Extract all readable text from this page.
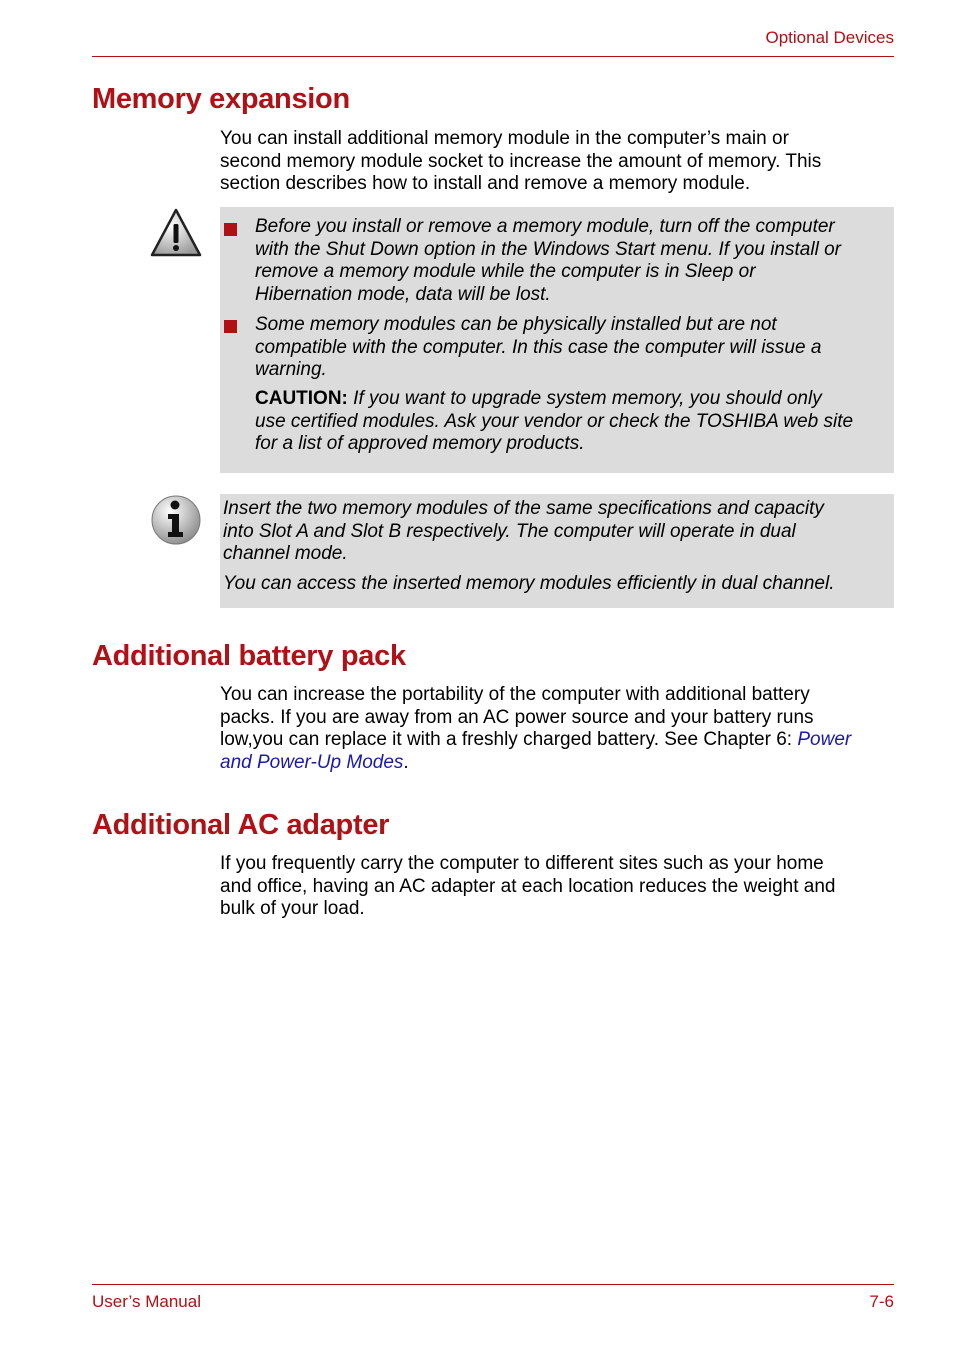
Optional Devices
Memory expansion

You can install additional memory module in the computer’s main or
second memory module socket to increase the amount of memory. This
section describes how to install and remove a memory module.

Before you install or remove a memory module, turn off the computer
with the Shut Down option in the Windows Start menu. If you install or
remove a memory module while the computer is in Sleep or
Hibernation mode, data will be lost.

Some memory modules can be physically installed but are not
compatible with the computer. In this case the computer will issue a
warning.

CAUTION: If you want to upgrade system memory, you should only
use certified modules. Ask your vendor or check the TOSHIBA web site
for a list of approved memory products.

Insert the two memory modules of the same specifications and capacity
into Slot A and Slot B respectively. The computer will operate in dual
channel mode.

You can access the inserted memory modules efficiently in dual channel.

Additional battery pack

You can increase the portability of the computer with additional battery
packs. If you are away from an AC power source and your battery runs
low,you can replace it with a freshly charged battery. See Chapter 6: Power
and Power-Up Modes.

Additional AC adapter

If you frequently carry the computer to different sites such as your home
and office, having an AC adapter at each location reduces the weight and
bulk of your load.

User’s Manual	7-6
